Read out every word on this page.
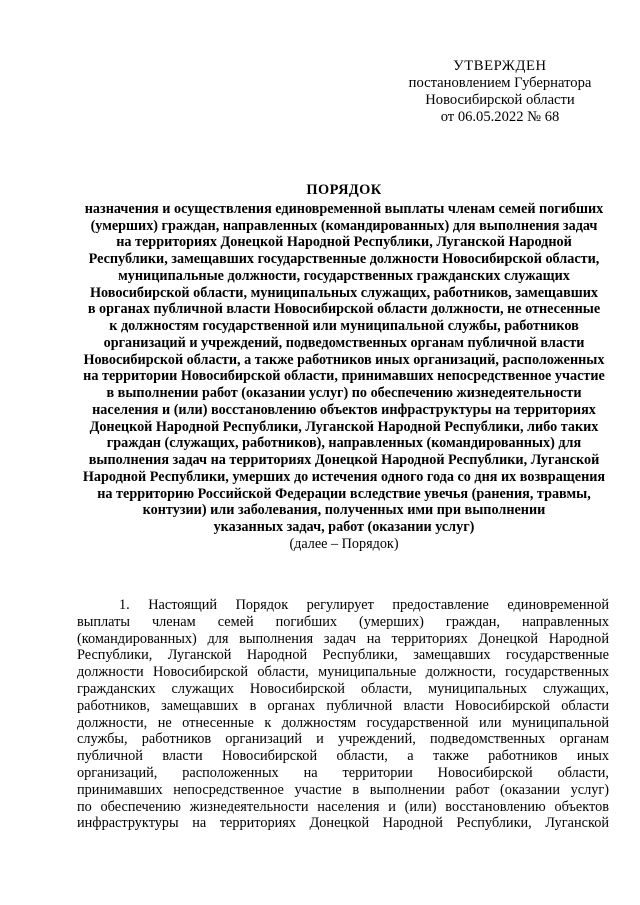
УТВЕРЖДЕН
постановлением Губернатора
Новосибирской области
от 06.05.2022 № 68
ПОРЯДОК
назначения и осуществления единовременной выплаты членам семей погибших
(умерших) граждан, направленных (командированных) для выполнения задач
на территориях Донецкой Народной Республики, Луганской Народной
Республики, замещавших государственные должности Новосибирской области,
муниципальные должности, государственных гражданских служащих
Новосибирской области, муниципальных служащих, работников, замещавших
в органах публичной власти Новосибирской области должности, не отнесенные
к должностям государственной или муниципальной службы, работников
организаций и учреждений, подведомственных органам публичной власти
Новосибирской области, а также работников иных организаций, расположенных
на территории Новосибирской области, принимавших непосредственное участие
в выполнении работ (оказании услуг) по обеспечению жизнедеятельности
населения и (или) восстановлению объектов инфраструктуры на территориях
Донецкой Народной Республики, Луганской Народной Республики, либо таких
граждан (служащих, работников), направленных (командированных) для
выполнения задач на территориях Донецкой Народной Республики, Луганской
Народной Республики, умерших до истечения одного года со дня их возвращения
на территорию Российской Федерации вследствие увечья (ранения, травмы,
контузии) или заболевания, полученных ими при выполнении
указанных задач, работ (оказании услуг)
(далее – Порядок)
1. Настоящий Порядок регулирует предоставление единовременной
выплаты членам семей погибших (умерших) граждан, направленных
(командированных) для выполнения задач на территориях Донецкой Народной
Республики, Луганской Народной Республики, замещавших государственные
должности Новосибирской области, муниципальные должности, государственных
гражданских служащих Новосибирской области, муниципальных служащих,
работников, замещавших в органах публичной власти Новосибирской области
должности, не отнесенные к должностям государственной или муниципальной
службы, работников организаций и учреждений, подведомственных органам
публичной власти Новосибирской области, а также работников иных
организаций, расположенных на территории Новосибирской области,
принимавших непосредственное участие в выполнении работ (оказании услуг)
по обеспечению жизнедеятельности населения и (или) восстановлению объектов
инфраструктуры на территориях Донецкой Народной Республики, Луганской
